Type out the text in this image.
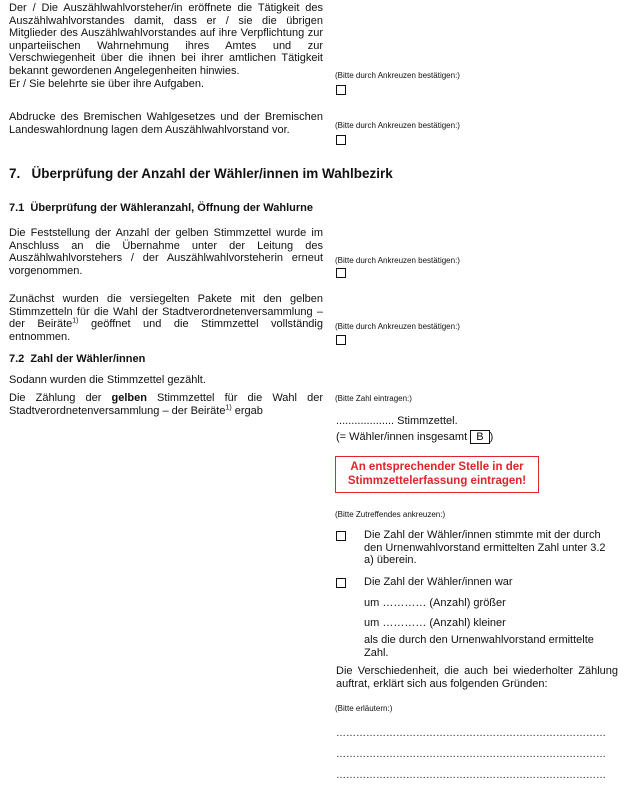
Der / Die Auszählwahlvorsteher/in eröffnete die Tätigkeit des Auszählwahlvorstandes damit, dass er / sie die übrigen Mitglieder des Auszählwahlvorstandes auf ihre Verpflichtung zur unparteiischen Wahrnehmung ihres Amtes und zur Verschwiegenheit über die ihnen bei ihrer amtlichen Tätigkeit bekannt gewordenen Angelegenheiten hinwies.
Er / Sie belehrte sie über ihre Aufgaben.
(Bitte durch Ankreuzen bestätigen:)
Abdrucke des Bremischen Wahlgesetzes und der Bremischen Landeswahlordnung lagen dem Auszählwahlvorstand vor.	(Bitte durch Ankreuzen bestätigen:)
7. Überprüfung der Anzahl der Wähler/innen im Wahlbezirk
7.1 Überprüfung der Wähleranzahl, Öffnung der Wahlurne
Die Feststellung der Anzahl der gelben Stimmzettel wurde im Anschluss an die Übernahme unter der Leitung des Auszählwahlvorstehers / der Auszählwahlvorsteherin erneut vorgenommen.
(Bitte durch Ankreuzen bestätigen:)
Zunächst wurden die versiegelten Pakete mit den gelben Stimmzetteln für die Wahl der Stadtverordnetenversammlung – der Beiräte$^{1)}$ geöffnet und die Stimmzettel vollständig entnommen.
(Bitte durch Ankreuzen bestätigen:)
7.2 Zahl der Wähler/innen
Sodann wurden die Stimmzettel gezählt.
Die Zählung der gelben Stimmzettel für die Wahl der Stadtverordnetenversammlung – der Beiräte$^{1)}$ ergab
(Bitte Zahl eintragen:)
................... Stimmzettel.
(= Wähler/innen insgesamt B )
An entsprechender Stelle in der
Stimmzettelerfassung eintragen!
(Bitte Zutreffendes ankreuzen:)
Die Zahl der Wähler/innen stimmte mit der durch den Urnenwahlvorstand ermittelten Zahl unter 3.2 a) überein.
Die Zahl der Wähler/innen war
um ………… (Anzahl) größer
um ………… (Anzahl) kleiner
als die durch den Urnenwahlvorstand ermittelte Zahl.
Die Verschiedenheit, die auch bei wiederholter Zählung auftrat, erklärt sich aus folgenden Gründen:
(Bitte erläutern:)
………………………………………………………………………
………………………………………………………………………
………………………………………………………………………
